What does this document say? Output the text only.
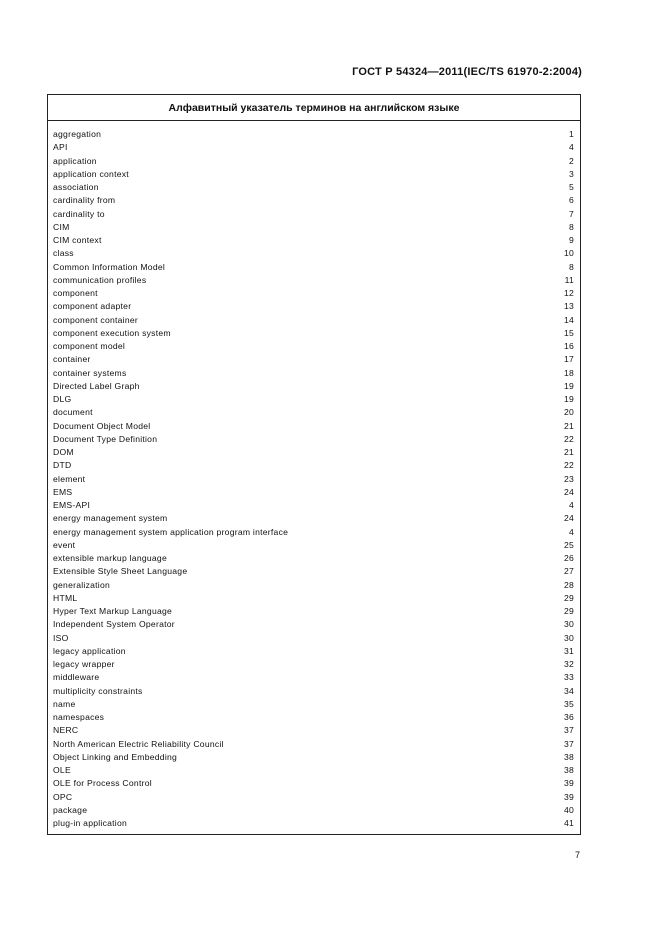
ГОСТ Р 54324—2011(IEC/TS 61970-2:2004)
Алфавитный указатель терминов на английском языке
aggregation	1
API	4
application	2
application context	3
association	5
cardinality from	6
cardinality to	7
CIM	8
CIM context	9
class	10
Common Information Model	8
communication profiles	11
component	12
component adapter	13
component container	14
component execution system	15
component model	16
container	17
container systems	18
Directed Label Graph	19
DLG	19
document	20
Document Object Model	21
Document Type Definition	22
DOM	21
DTD	22
element	23
EMS	24
EMS-API	4
energy management system	24
energy management system application program interface	4
event	25
extensible markup language	26
Extensible Style Sheet Language	27
generalization	28
HTML	29
Hyper Text Markup Language	29
Independent System Operator	30
ISO	30
legacy application	31
legacy wrapper	32
middleware	33
multiplicity constraints	34
name	35
namespaces	36
NERC	37
North American Electric Reliability Council	37
Object Linking and Embedding	38
OLE	38
OLE for Process Control	39
OPC	39
package	40
plug-in application	41
7
